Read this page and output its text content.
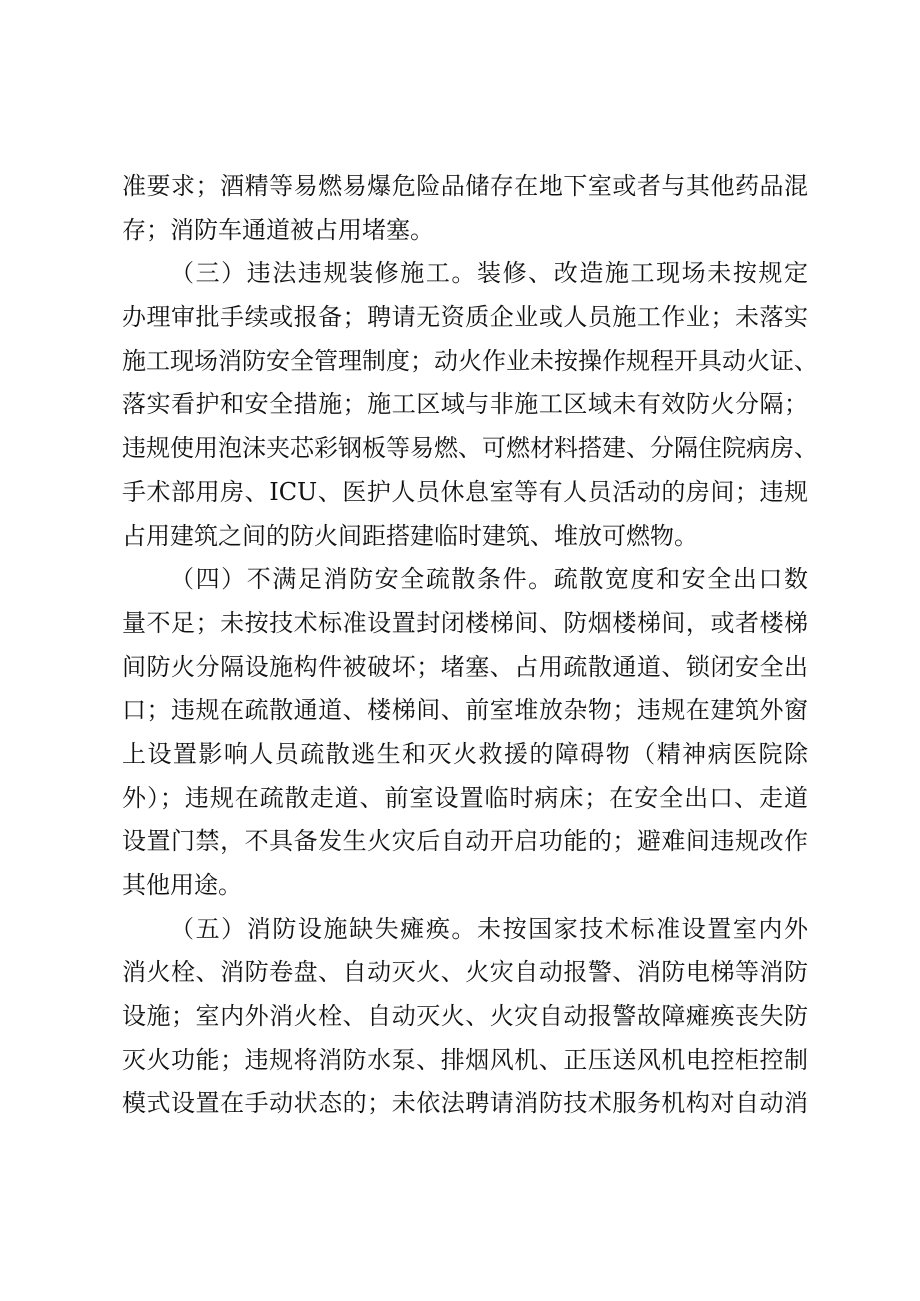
准要求；酒精等易燃易爆危险品储存在地下室或者与其他药品混
存；消防车通道被占用堵塞。
（三）违法违规装修施工。装修、改造施工现场未按规定
办理审批手续或报备；聘请无资质企业或人员施工作业；未落实
施工现场消防安全管理制度；动火作业未按操作规程开具动火证、
落实看护和安全措施；施工区域与非施工区域未有效防火分隔；
违规使用泡沫夹芯彩钢板等易燃、可燃材料搭建、分隔住院病房、
手术部用房、ICU、医护人员休息室等有人员活动的房间；违规
占用建筑之间的防火间距搭建临时建筑、堆放可燃物。
（四）不满足消防安全疏散条件。疏散宽度和安全出口数
量不足；未按技术标准设置封闭楼梯间、防烟楼梯间，或者楼梯
间防火分隔设施构件被破坏；堵塞、占用疏散通道、锁闭安全出
口；违规在疏散通道、楼梯间、前室堆放杂物；违规在建筑外窗
上设置影响人员疏散逃生和灭火救援的障碍物（精神病医院除
外）；违规在疏散走道、前室设置临时病床；在安全出口、走道
设置门禁，不具备发生火灾后自动开启功能的；避难间违规改作
其他用途。
（五）消防设施缺失瘫痪。未按国家技术标准设置室内外
消火栓、消防卷盘、自动灭火、火灾自动报警、消防电梯等消防
设施；室内外消火栓、自动灭火、火灾自动报警故障瘫痪丧失防
灭火功能；违规将消防水泵、排烟风机、正压送风机电控柜控制
模式设置在手动状态的；未依法聘请消防技术服务机构对自动消
